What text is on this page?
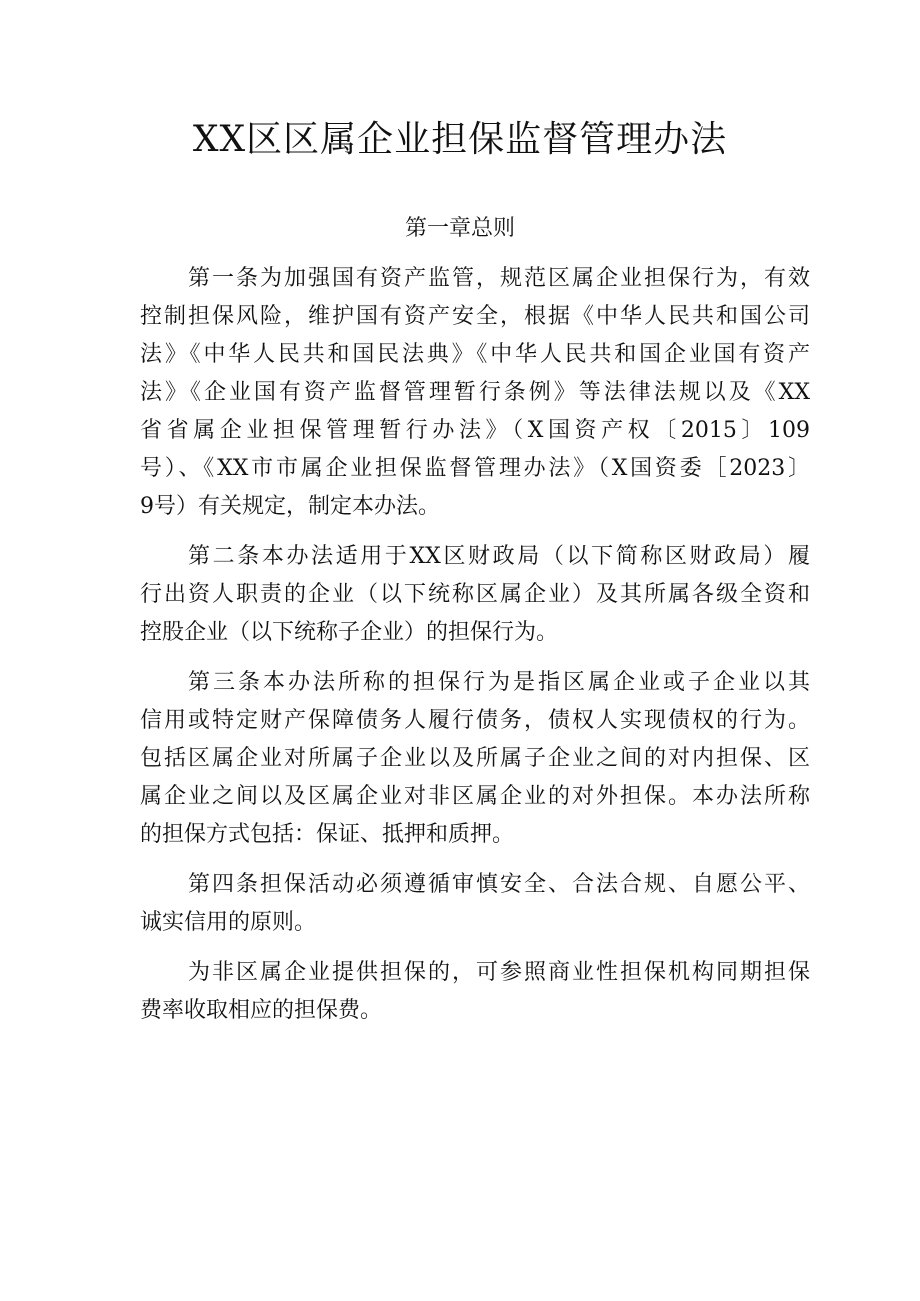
XX区区属企业担保监督管理办法
第一章总则
第一条为加强国有资产监管，规范区属企业担保行为，有效
控制担保风险，维护国有资产安全，根据《中华人民共和国公司
法》《中华人民共和国民法典》《中华人民共和国企业国有资产
法》《企业国有资产监督管理暂行条例》等法律法规以及《XX
省省属企业担保管理暂行办法》（X国资产权〔2015〕109
号）、《XX市市属企业担保监督管理办法》（X国资委［2023〕
9号）有关规定，制定本办法。
第二条本办法适用于XX区财政局（以下简称区财政局）履
行出资人职责的企业（以下统称区属企业）及其所属各级全资和
控股企业（以下统称子企业）的担保行为。
第三条本办法所称的担保行为是指区属企业或子企业以其
信用或特定财产保障债务人履行债务，债权人实现债权的行为。
包括区属企业对所属子企业以及所属子企业之间的对内担保、区
属企业之间以及区属企业对非区属企业的对外担保。本办法所称
的担保方式包括：保证、抵押和质押。
第四条担保活动必须遵循审慎安全、合法合规、自愿公平、
诚实信用的原则。
为非区属企业提供担保的，可参照商业性担保机构同期担保
费率收取相应的担保费。
